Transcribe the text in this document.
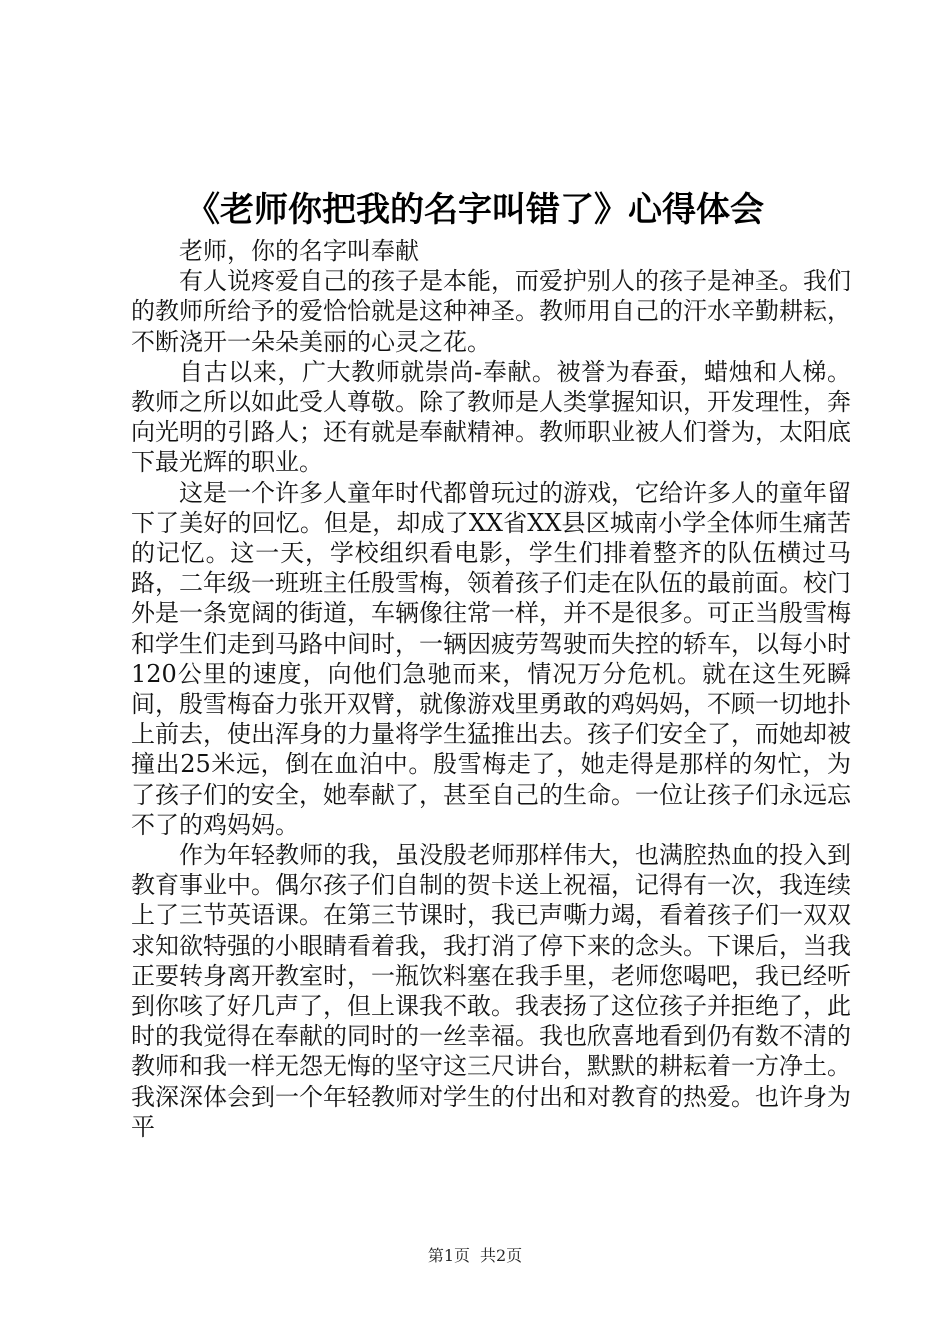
《老师你把我的名字叫错了》心得体会

老师，你的名字叫奉献

有人说疼爱自己的孩子是本能，而爱护别人的孩子是神圣。我们的教师所给予的爱恰恰就是这种神圣。教师用自己的汗水辛勤耕耘，不断浇开一朵朵美丽的心灵之花。

自古以来，广大教师就崇尚-奉献。被誉为春蚕，蜡烛和人梯。教师之所以如此受人尊敬。除了教师是人类掌握知识，开发理性，奔向光明的引路人；还有就是奉献精神。教师职业被人们誉为，太阳底下最光辉的职业。

这是一个许多人童年时代都曾玩过的游戏，它给许多人的童年留下了美好的回忆。但是，却成了XX省XX县区城南小学全体师生痛苦的记忆。这一天，学校组织看电影，学生们排着整齐的队伍横过马路，二年级一班班主任殷雪梅，领着孩子们走在队伍的最前面。校门外是一条宽阔的街道，车辆像往常一样，并不是很多。可正当殷雪梅和学生们走到马路中间时，一辆因疲劳驾驶而失控的轿车，以每小时120公里的速度，向他们急驰而来，情况万分危机。就在这生死瞬间，殷雪梅奋力张开双臂，就像游戏里勇敢的鸡妈妈，不顾一切地扑上前去，使出浑身的力量将学生猛推出去。孩子们安全了，而她却被撞出25米远，倒在血泊中。殷雪梅走了，她走得是那样的匆忙，为了孩子们的安全，她奉献了，甚至自己的生命。一位让孩子们永远忘不了的鸡妈妈。

作为年轻教师的我，虽没殷老师那样伟大，也满腔热血的投入到教育事业中。偶尔孩子们自制的贺卡送上祝福，记得有一次，我连续上了三节英语课。在第三节课时，我已声嘶力竭，看着孩子们一双双求知欲特强的小眼睛看着我，我打消了停下来的念头。下课后，当我正要转身离开教室时，一瓶饮料塞在我手里，老师您喝吧，我已经听到你咳了好几声了，但上课我不敢。我表扬了这位孩子并拒绝了，此时的我觉得在奉献的同时的一丝幸福。我也欣喜地看到仍有数不清的教师和我一样无怨无悔的坚守这三尺讲台，默默的耕耘着一方净土。我深深体会到一个年轻教师对学生的付出和对教育的热爱。也许身为平

第1页 共2页
